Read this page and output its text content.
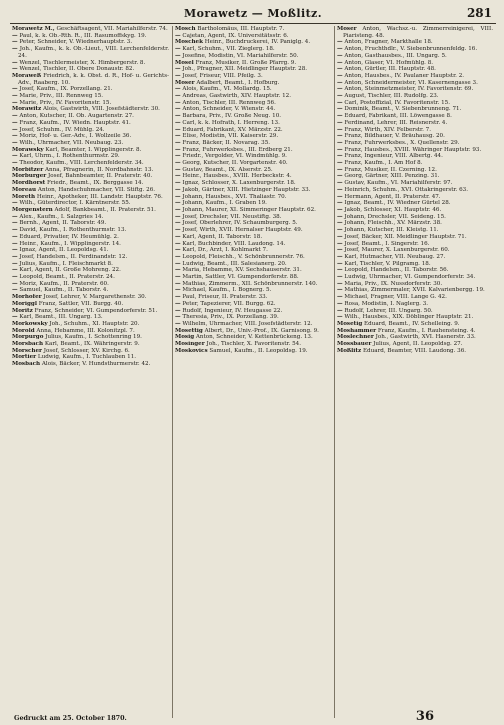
Morawetz — Moßlitz.	281
Morawetz M., Geschäftsagent, VII. Mariahilferstr. 74.
— Paul, k. k. Ob.-Rth. R., III. Rasumoffskyg. 19.
— Peter, Schneider, V. Wiednerhauptstr. 3.
— Joh., Kaufm., k. k. Ob.-Lieut., VIII. Lerchenfelderstr. 24.
— Wenzel, Tischlermeister, X. Himbergerstr. 8.
— Wenzel, Tischler, II. Obere Donaustr. 82.
Moraweß Friedrich, k. k. Obst. d. R., Hof- u. Gerichts-Adv., Raaberg. 10.
— Josef, Kaufm., IX. Porzellang. 21.
— Marie, Priv., III. Rennweg 15.
— Marie, Priv., IV. Favoritenstr. 15.
Morawitz Alois, Gastwirth, VIII. Josefstädterstr. 30.
— Anton, Kutscher, II. Ob. Augartenstr. 27.
— Franz, Kaufm., IV. Wiedn. Hauptstr. 41.
— Josef, Schuhm., IV. Mühlg. 24.
— Moriz, Hof- u. Ger.-Adv., I. Wollzeile 36.
— Wilh., Uhrmacher, VII. Neubaug. 23.
Morawsky Karl, Beamter, I. Wipplingerstr. 8.
— Karl, Uhrm., I. Rothenthurmstr. 29.
— Theodor, Kaufm., VIII. Lerchenfelderstr. 34.
Morbitzer Anna, Pfragnerin, II. Nordbahnstr. 13.
Morburger Josef, Bahnbeamter, II. Praterstr. 40.
Mordhorst Friedr., Beamt., IX. Berggasse 14.
Moreau Anton, Handschuhmacher, VII. Stiftg. 26.
Moreth Heinr., Apotheker, III. Landstr. Hauptstr. 76.
— Wilh., Güterdirector, I. Kärntnerstr. 55.
Morgenstern Adolf, Bankbeamt., II. Praterstr. 51.
— Alex., Kaufm., I. Salzgries 14.
— Bernh., Agent, II. Taborstr. 49.
— David, Kaufm., I. Rothenthurmstr. 13.
— Eduard, Privatier, IV. Heumühlg. 2.
— Heinr., Kaufm., I. Wipplingerstr. 14.
— Ignaz, Agent, II. Leopoldsg. 41.
— Josef, Handelsm., II. Ferdinandstr. 12.
— Julius, Kaufm., I. Fleischmarkt 8.
— Karl, Agent, II. Große Mohreng. 22.
— Leopold, Beamt., II. Praterstr. 24.
— Moriz, Kaufm., II. Praterstr. 60.
— Samuel, Kaufm., II. Taborstr. 4.
Morhofer Josef, Lehrer, V. Margarethenstr. 30.
Moriggl Franz, Sattler, VII. Burgg. 40.
Moritz Franz, Schneider, VI. Gumpendorferstr. 51.
— Karl, Beamt., III. Ungarg. 13.
Morkowsky Joh., Schuhm., XI. Hauptstr. 20.
Morold Anna, Hebamme, III. Kolonitzpl. 7.
Morpurgo Julius, Kaufm., I. Schottenring 19.
Morsbach Karl, Beamt., IX. Währingerstr. 9.
Morscher Josef, Schlosser, XV. Kirchg. 6.
Mortier Ludwig, Kaufm., I. Tuchlauben 11.
Mosbach Alois, Bäcker, V. Hundsthurmerstr. 42.
Mosch Bartholomäus, III. Hauptstr. 7.
— Cajetan, Agent, IX. Universitätsstr. 6.
Moschek Heinr., Buchdruckerei, IV. Paniglg. 4.
— Karl, Schuhm., VII. Zieglerg. 18.
— Josefine, Modistin, VI. Mariahilferstr. 50.
Mosel Franz, Musiker, II. Große Pfarrg. 9.
— Joh., Pfragner, XII. Meidlinger Hauptstr. 28.
— Josef, Friseur, VIII. Pfeilg. 3.
Moser Adalbert, Beamt., I. Hofburg.
— Alois, Kaufm., VI. Mollardg. 15.
— Andreas, Gastwirth, XIV. Hauptstr. 12.
— Anton, Tischler, III. Rennweg 56.
— Anton, Schneider, V. Wienstr. 44.
— Barbara, Priv., IV. Große Neug. 10.
— Carl, k. k. Hofrath, I. Herreng. 13.
— Eduard, Fabrikant, XV. Märzstr. 22.
— Elise, Modistin, VII. Kaiserstr. 29.
— Franz, Bäcker, II. Novarag. 35.
— Franz, Fuhrwerksbes., III. Erdberg 21.
— Friedr., Vergolder, VI. Windmühlg. 9.
— Georg, Kutscher, II. Vorgartenstr. 40.
— Gustav, Beamt., IX. Alserstr. 25.
— Heinr., Hausbes., XVIII. Herbeckstr. 4.
— Ignaz, Schlosser, X. Laxenburgerstr. 18.
— Jakob, Gärtner, XIII. Hietzinger Hauptstr. 33.
— Johann, Hausbes., XVI. Thaliastr. 70.
— Johann, Kaufm., I. Graben 19.
— Johann, Maurer, XI. Simmeringer Hauptstr. 62.
— Josef, Drechsler, VII. Neustiftg. 38.
— Josef, Oberlehrer, IV. Schaumburgerg. 5.
— Josef, Wirth, XVII. Hernalser Hauptstr. 49.
— Karl, Agent, II. Taborstr. 18.
— Karl, Buchbinder, VIII. Laudong. 14.
— Karl, Dr., Arzt, I. Kohlmarkt 7.
— Leopold, Fleischh., V. Schönbrunnerstr. 76.
— Ludwig, Beamt., III. Salesianerg. 20.
— Maria, Hebamme, XV. Sechshauserstr. 31.
— Martin, Sattler, VI. Gumpendorferstr. 88.
— Mathias, Zimmerm., XII. Schönbrunnerstr. 140.
— Michael, Kaufm., I. Bognerg. 5.
— Paul, Friseur, II. Praterstr. 33.
— Peter, Tapezierer, VII. Burgg. 62.
— Rudolf, Ingenieur, IV. Heugasse 22.
— Theresia, Priv., IX. Porzellang. 39.
— Wilhelm, Uhrmacher, VIII. Josefstädterstr. 12.
Mosettig Albert, Dr., Univ.-Prof., IX. Garnisong. 9.
Mosig Anton, Schneider, V. Kettenbrückeng. 13.
Mosinger Joh., Tischler, X. Favoritenstr. 54.
Moskovics Samuel, Kaufm., II. Leopoldsg. 19.
Moser Anton, Wachsz.-u. Zimmerreinigerei, VIII. Piaristeng. 48.
— Anton, Fragner, Markthalle 18.
— Anton, Fruchthdlr., V. Siebenbrunnenfeldg. 16.
— Anton, Gasthausbes., III. Ungarg. 5.
— Anton, Glaser, VI. Hofmühlg. 8.
— Anton, Gürtler, III. Hauptstr. 48.
— Anton, Hausbes., IV. Paulaner Hauptstr. 2.
— Anton, Schneidermeister, VI. Kasernengasse 3.
— Anton, Steinmetzmeister, IV. Favoritenstr. 69.
— August, Tischler, III. Rudolfg. 23.
— Carl, Postoffizial, IV. Favoritenstr. 15.
— Dominik, Beamt., V. Siebenbrunneng. 71.
— Eduard, Fabrikant, III. Löwengasse 8.
— Ferdinand, Lehrer, III. Reisnerstr. 4.
— Franz, Wirth, XIV. Felberstr. 7.
— Franz, Bildhauer, V. Bräuhausg. 20.
— Franz, Fuhrwerksbes., X. Quellenstr. 29.
— Franz, Hausbes., XVIII. Währinger Hauptstr. 93.
— Franz, Ingenieur, VIII. Albertg. 44.
— Franz, Kaufm., I. Am Hof 8.
— Franz, Musiker, II. Czerning. 12.
— Georg, Gärtner, XIII. Penzing. 31.
— Gustav, Kaufm., VI. Mariahilferstr. 97.
— Heinrich, Schuhm., XVI. Ottakringerstr. 63.
— Hermann, Agent, II. Praterstr. 47.
— Ignaz, Beamt., IV. Wiedner Gürtel 28.
— Jakob, Schlosser, XI. Hauptstr. 46.
— Johann, Drechsler, VII. Seideng. 15.
— Johann, Fleischh., XV. Märzstr. 38.
— Johann, Kutscher, III. Kleistg. 11.
— Josef, Bäcker, XII. Meidlinger Hauptstr. 71.
— Josef, Beamt., I. Singerstr. 16.
— Josef, Maurer, X. Laxenburgerstr. 60.
— Karl, Hutmacher, VII. Neubaug. 27.
— Karl, Tischler, V. Pilgramg. 18.
— Leopold, Handelsm., II. Taborstr. 56.
— Ludwig, Uhrmacher, VI. Gumpendorferstr. 34.
— Maria, Priv., IX. Nussdorferstr. 30.
— Mathias, Zimmermaler, XVII. Kalvarienbergg. 19.
— Michael, Fragner, VIII. Lange G. 42.
— Rosa, Modistin, I. Naglerg. 3.
— Rudolf, Lehrer, III. Ungarg. 50.
— Wilh., Hausbes., XIX. Döblinger Hauptstr. 21.
Mosetig Eduard, Beamt., IV. Schelleing. 9.
Moshammer Franz, Kaufm., I. Rauhensteing. 4.
Moslechner Joh., Gastwirth, XVI. Hasnerstr. 33.
Mossbauer Julius, Agent, II. Leopoldsg. 27.
Moßlitz Eduard, Beamter, VIII. Laudong. 36.
Gedruckt am 25. October 1870.	36
